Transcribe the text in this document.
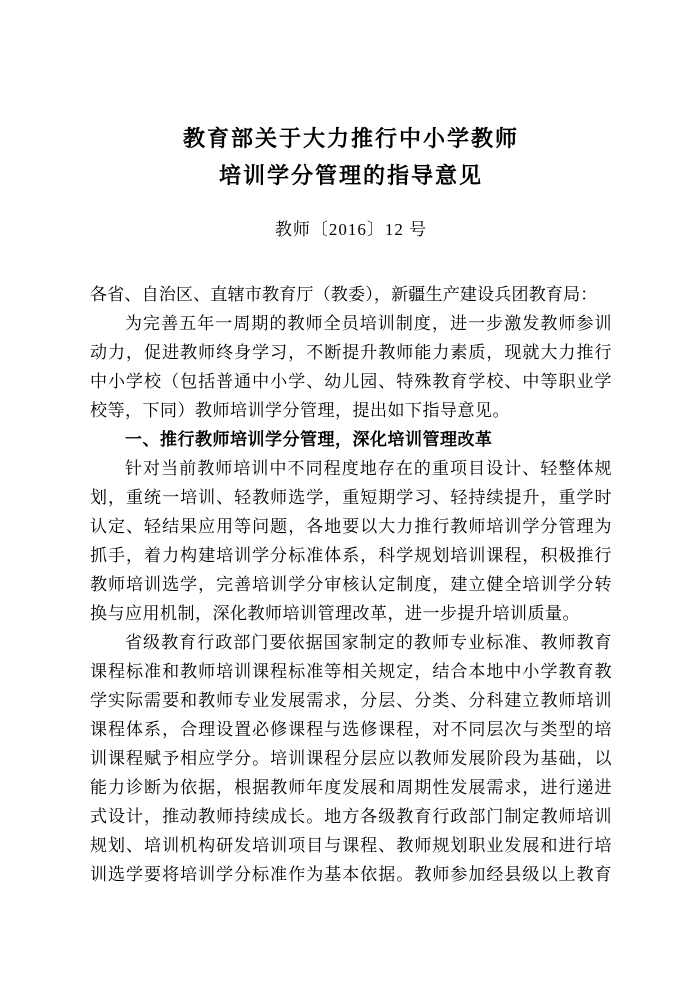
教育部关于大力推行中小学教师
培训学分管理的指导意见
教师〔2016〕12 号

各省、自治区、直辖市教育厅（教委），新疆生产建设兵团教育局：

为完善五年一周期的教师全员培训制度，进一步激发教师参训动力，促进教师终身学习，不断提升教师能力素质，现就大力推行中小学校（包括普通中小学、幼儿园、特殊教育学校、中等职业学校等，下同）教师培训学分管理，提出如下指导意见。

一、推行教师培训学分管理，深化培训管理改革

针对当前教师培训中不同程度地存在的重项目设计、轻整体规划，重统一培训、轻教师选学，重短期学习、轻持续提升，重学时认定、轻结果应用等问题，各地要以大力推行教师培训学分管理为抓手，着力构建培训学分标准体系，科学规划培训课程，积极推行教师培训选学，完善培训学分审核认定制度，建立健全培训学分转换与应用机制，深化教师培训管理改革，进一步提升培训质量。

省级教育行政部门要依据国家制定的教师专业标准、教师教育课程标准和教师培训课程标准等相关规定，结合本地中小学教育教学实际需要和教师专业发展需求，分层、分类、分科建立教师培训课程体系，合理设置必修课程与选修课程，对不同层次与类型的培训课程赋予相应学分。培训课程分层应以教师发展阶段为基础，以能力诊断为依据，根据教师年度发展和周期性发展需求，进行递进式设计，推动教师持续成长。地方各级教育行政部门制定教师培训规划、培训机构研发培训项目与课程、教师规划职业发展和进行培训选学要将培训学分标准作为基本依据。教师参加经县级以上教育
